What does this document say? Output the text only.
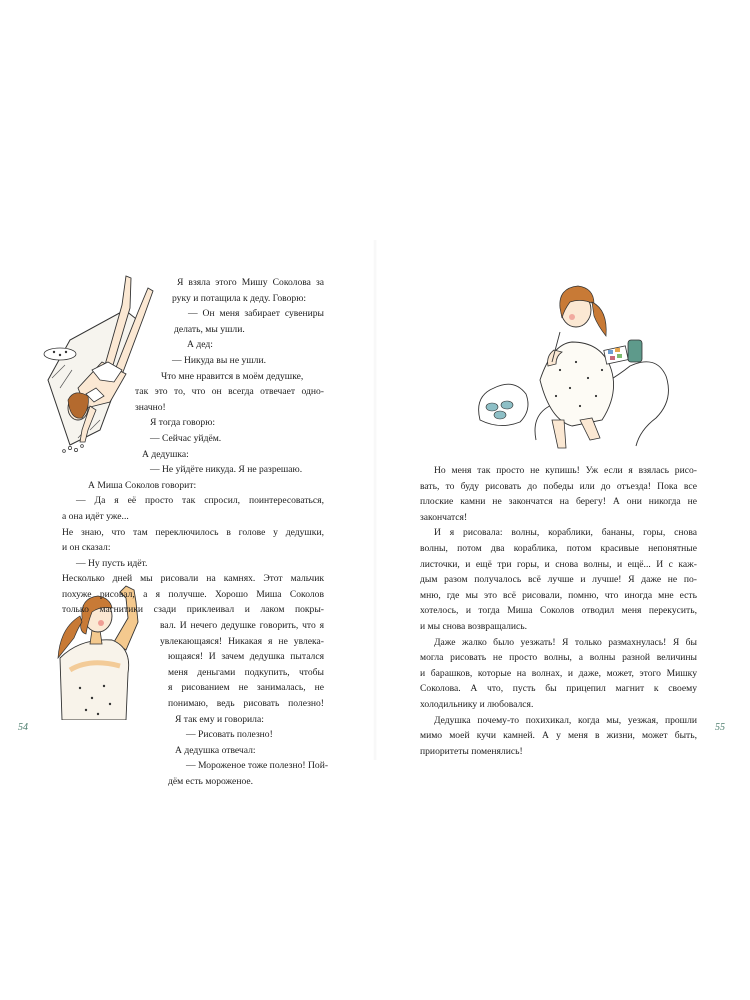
Я взяла этого Мишу Соколова за
руку и потащила к деду. Говорю:
— Он меня забирает сувениры
делать, мы ушли.
А дед:
— Никуда вы не ушли.
Что мне нравится в моём дедушке,
так это то, что он всегда отвечает одно-
значно!
Я тогда говорю:
— Сейчас уйдём.
А дедушка:
— Не уйдёте никуда. Я не разрешаю.
А Миша Соколов говорит:
— Да я её просто так спросил, поинтересоваться,
а она идёт уже...
Не знаю, что там переключилось в голове у дедушки,
и он сказал:
— Ну пусть идёт.
Несколько дней мы рисовали на камнях. Этот мальчик
похуже рисовал, а я получше. Хорошо Миша Соколов
только магнитики сзади приклеивал и лаком покры-
вал. И нечего дедушке говорить, что я
увлекающаяся! Никакая я не увлека-
ющаяся! И зачем дедушка пытался
меня деньгами подкупить, чтобы
я рисованием не занималась, не
понимаю, ведь рисовать полезно!
Я так ему и говорила:
— Рисовать полезно!
А дедушка отвечал:
— Мороженое тоже полезно! Пой-
дём есть мороженое.
54
Но меня так просто не купишь! Уж если я взялась рисо-
вать, то буду рисовать до победы или до отъезда! Пока все
плоские камни не закончатся на берегу! А они никогда не
закончатся!
И я рисовала: волны, кораблики, бананы, горы, снова
волны, потом два кораблика, потом красивые непонятные
листочки, и ещё три горы, и снова волны, и ещё... И с каж-
дым разом получалось всё лучше и лучше! Я даже не по-
мню, где мы это всё рисовали, помню, что иногда мне есть
хотелось, и тогда Миша Соколов отводил меня перекусить,
и мы снова возвращались.
Даже жалко было уезжать! Я только размахнулась! Я бы
могла рисовать не просто волны, а волны разной величины
и барашков, которые на волнах, и даже, может, этого Мишку
Соколова. А что, пусть бы прицепил магнит к своему
холодильнику и любовался.
Дедушка почему-то похихикал, когда мы, уезжая, прошли
мимо моей кучи камней. А у меня в жизни, может быть,
приоритеты поменялись!
55
